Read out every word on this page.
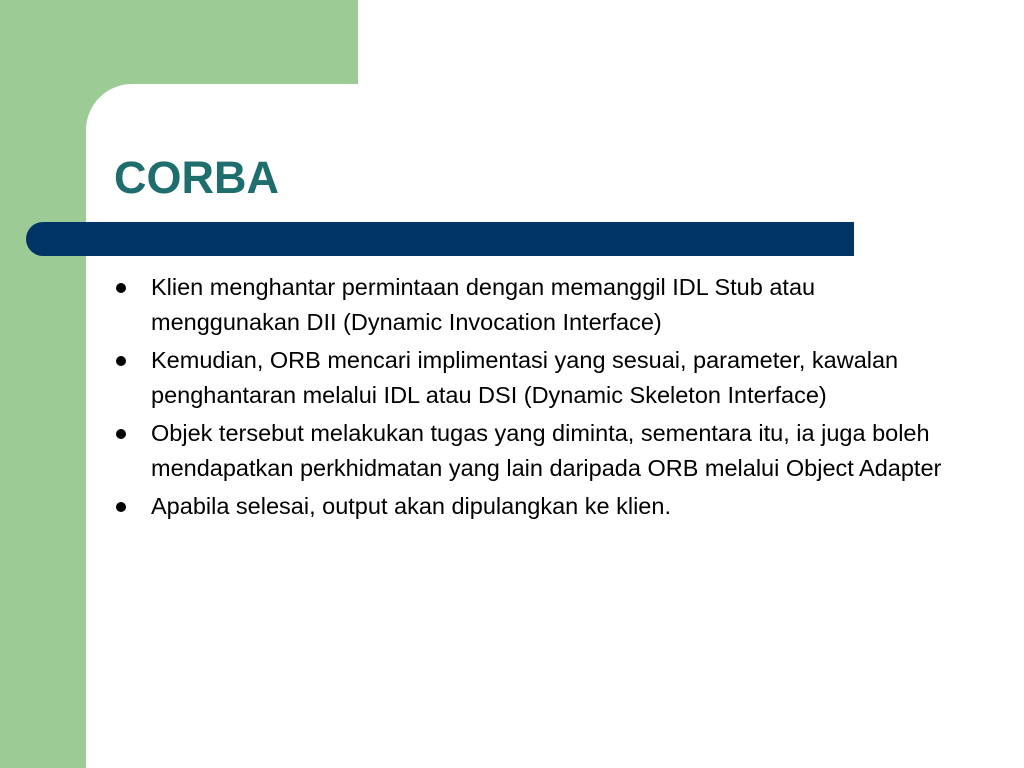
CORBA
Klien menghantar permintaan dengan memanggil IDL Stub atau menggunakan DII (Dynamic Invocation Interface)
Kemudian, ORB mencari implimentasi yang sesuai, parameter, kawalan penghantaran melalui IDL atau DSI (Dynamic Skeleton Interface)
Objek tersebut melakukan tugas yang diminta, sementara itu, ia juga boleh mendapatkan perkhidmatan yang lain daripada ORB melalui Object Adapter
Apabila selesai, output akan dipulangkan ke klien.
